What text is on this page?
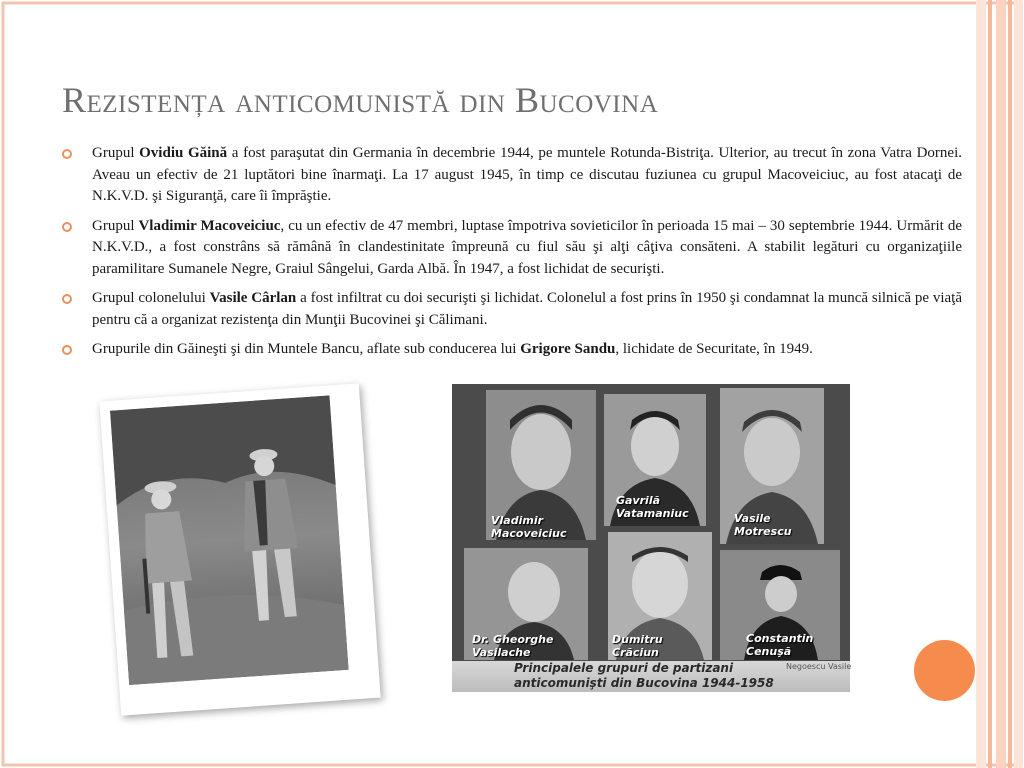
Rezistența anticomunistă din Bucovina
Grupul Ovidiu Găină a fost paraşutat din Germania în decembrie 1944, pe muntele Rotunda-Bistriţa. Ulterior, au trecut în zona Vatra Dornei. Aveau un efectiv de 21 luptători bine înarmaţi. La 17 august 1945, în timp ce discutau fuziunea cu grupul Macoveiciuc, au fost atacaţi de N.K.V.D. şi Siguranţă, care îi împrăştie.
Grupul Vladimir Macoveiciuc, cu un efectiv de 47 membri, luptase împotriva sovieticilor în perioada 15 mai – 30 septembrie 1944. Urmărit de N.K.V.D., a fost constrâns să rămână în clandestinitate împreună cu fiul său şi alţi câţiva consăteni. A stabilit legături cu organizaţiile paramilitare Sumanele Negre, Graiul Sângelui, Garda Albă. În 1947, a fost lichidat de securişti.
Grupul colonelului Vasile Cârlan a fost infiltrat cu doi securişti şi lichidat. Colonelul a fost prins în 1950 şi condamnat la muncă silnică pe viaţă pentru că a organizat rezistenţa din Munţii Bucovinei şi Călimani.
Grupurile din Găineşti şi din Muntele Bancu, aflate sub conducerea lui Grigore Sandu, lichidate de Securitate, în 1949.
Vladimir
Macoveiciuc
Gavrilă
Vatamaniuc	Vasile
Motrescu
Dr. Gheorghe
Vasilache
Dumitru
Crăciun
Constantin
Cenuşă
Principalele grupuri de partizani
anticomunişti din Bucovina 1944-1958
Negoescu Vasile
